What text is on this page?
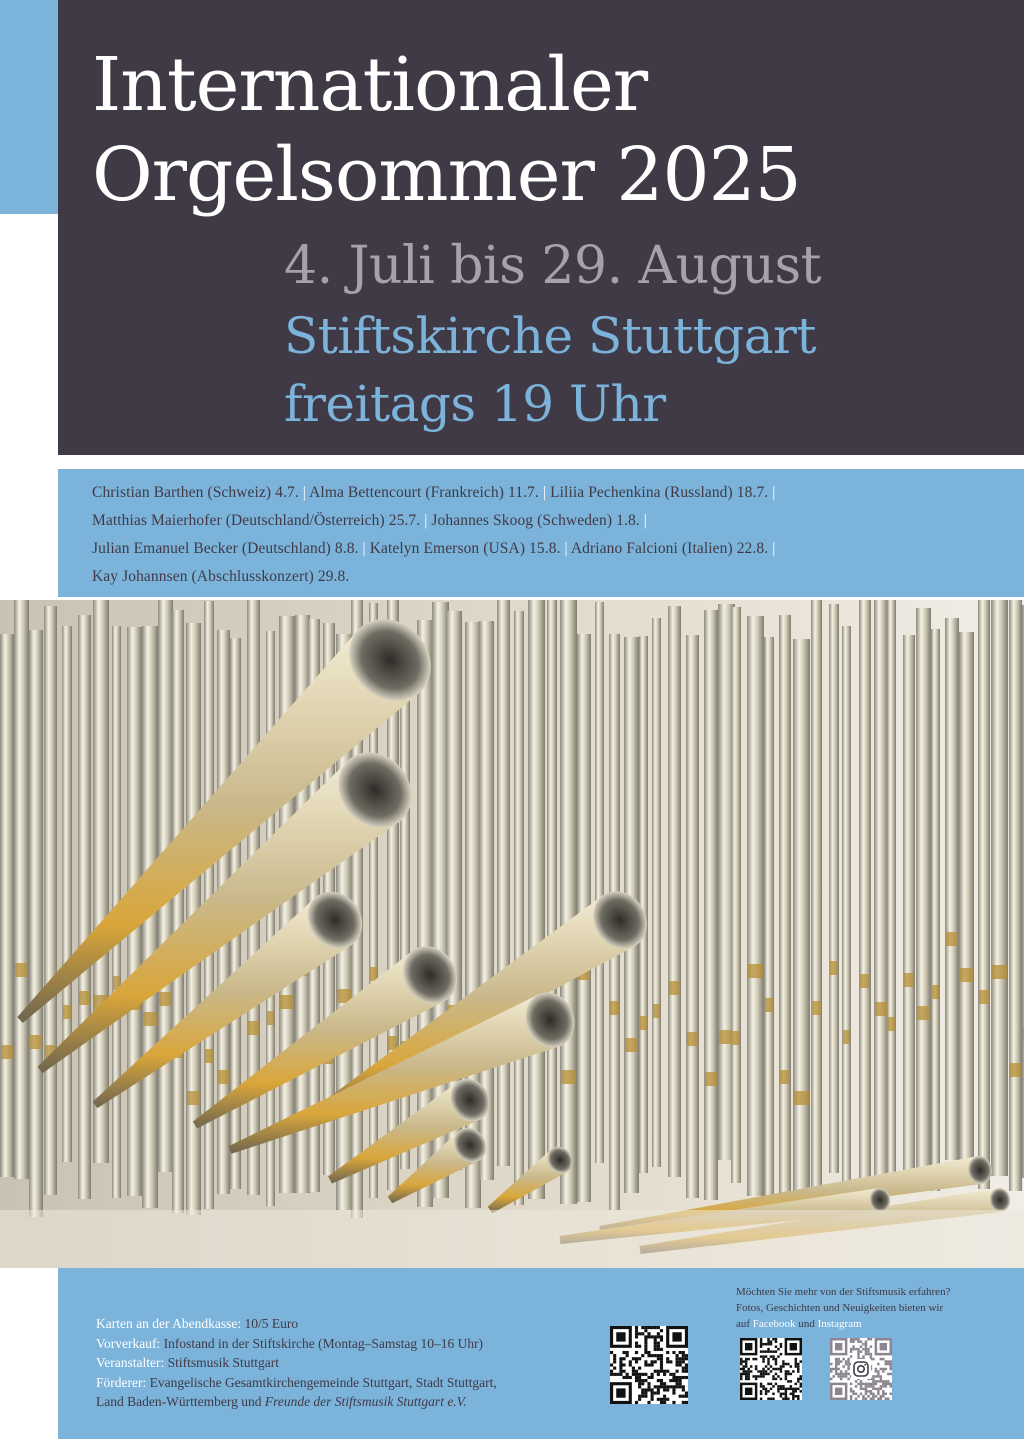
Internationaler
Orgelsommer 2025
4. Juli bis 29. August
Stiftskirche Stuttgart
freitags 19 Uhr

Christian Barthen (Schweiz) 4.7. | Alma Bettencourt (Frankreich) 11.7. | Liliia Pechenkina (Russland) 18.7. |

Matthias Maierhofer (Deutschland/Österreich) 25.7. | Johannes Skoog (Schweden) 1.8. |

Julian Emanuel Becker (Deutschland) 8.8. | Katelyn Emerson (USA) 15.8. | Adriano Falcioni (Italien) 22.8. |

Kay Johannsen (Abschlusskonzert) 29.8.

Karten an der Abendkasse: 10/5 Euro
Vorverkauf: Infostand in der Stiftskirche (Montag–Samstag 10–16 Uhr)
Veranstalter: Stiftsmusik Stuttgart
Förderer: Evangelische Gesamtkirchengemeinde Stuttgart, Stadt Stuttgart,
Land Baden-Württemberg und Freunde der Stiftsmusik Stuttgart e.V.
Möchten Sie mehr von der Stiftsmusik erfahren?
Fotos, Geschichten und Neuigkeiten bieten wir
auf Facebook und Instagram
